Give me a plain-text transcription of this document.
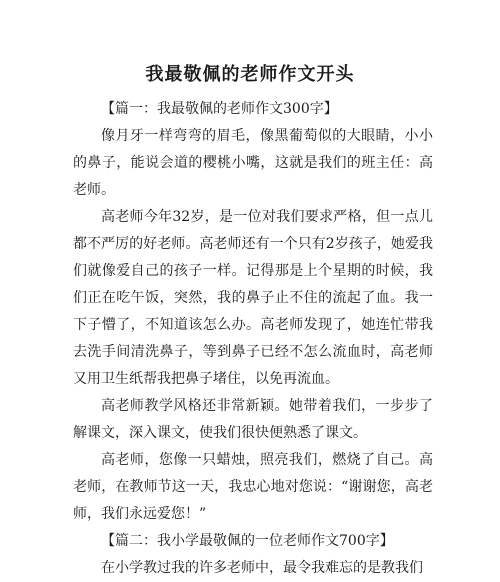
我最敬佩的老师作文开头
【篇一：我最敬佩的老师作文300字】

像月牙一样弯弯的眉毛，像黑葡萄似的大眼睛，小小的鼻子，能说会道的樱桃小嘴，这就是我们的班主任：高老师。

高老师今年32岁，是一位对我们要求严格，但一点儿都不严厉的好老师。高老师还有一个只有2岁孩子，她爱我们就像爱自己的孩子一样。记得那是上个星期的时候，我们正在吃午饭，突然，我的鼻子止不住的流起了血。我一下子懵了，不知道该怎么办。高老师发现了，她连忙带我去洗手间清洗鼻子，等到鼻子已经不怎么流血时，高老师又用卫生纸帮我把鼻子堵住，以免再流血。

高老师教学风格还非常新颖。她带着我们，一步步了解课文，深入课文，使我们很快便熟悉了课文。

高老师，您像一只蜡烛，照亮我们，燃烧了自己。高老师，在教师节这一天，我忠心地对您说：“谢谢您，高老师，我们永远爱您！”

【篇二：我小学最敬佩的一位老师作文700字】

在小学教过我的许多老师中，最令我难忘的是教我们
